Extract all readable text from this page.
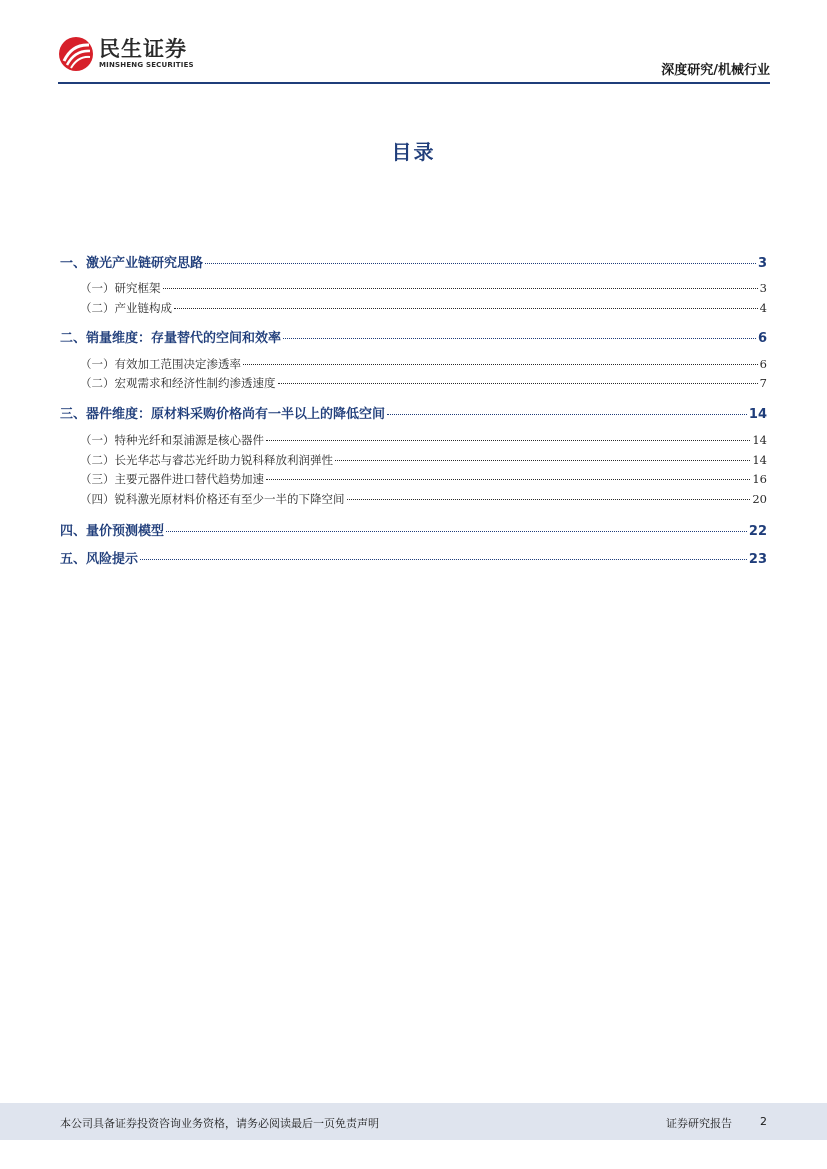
民生证券
MINSHENG SECURITIES	深度研究/机械行业
目录
一、激光产业链研究思路	3
（一）研究框架	3
（二）产业链构成	4
二、销量维度：存量替代的空间和效率	6
（一）有效加工范围决定渗透率	6
（二）宏观需求和经济性制约渗透速度	7
三、器件维度：原材料采购价格尚有一半以上的降低空间	14
（一）特种光纤和泵浦源是核心器件	14
（二）长光华芯与睿芯光纤助力锐科释放利润弹性	14
（三）主要元器件进口替代趋势加速	16
（四）锐科激光原材料价格还有至少一半的下降空间	20
四、量价预测模型	22
五、风险提示	23
本公司具备证券投资咨询业务资格，请务必阅读最后一页免责声明	证券研究报告	2
